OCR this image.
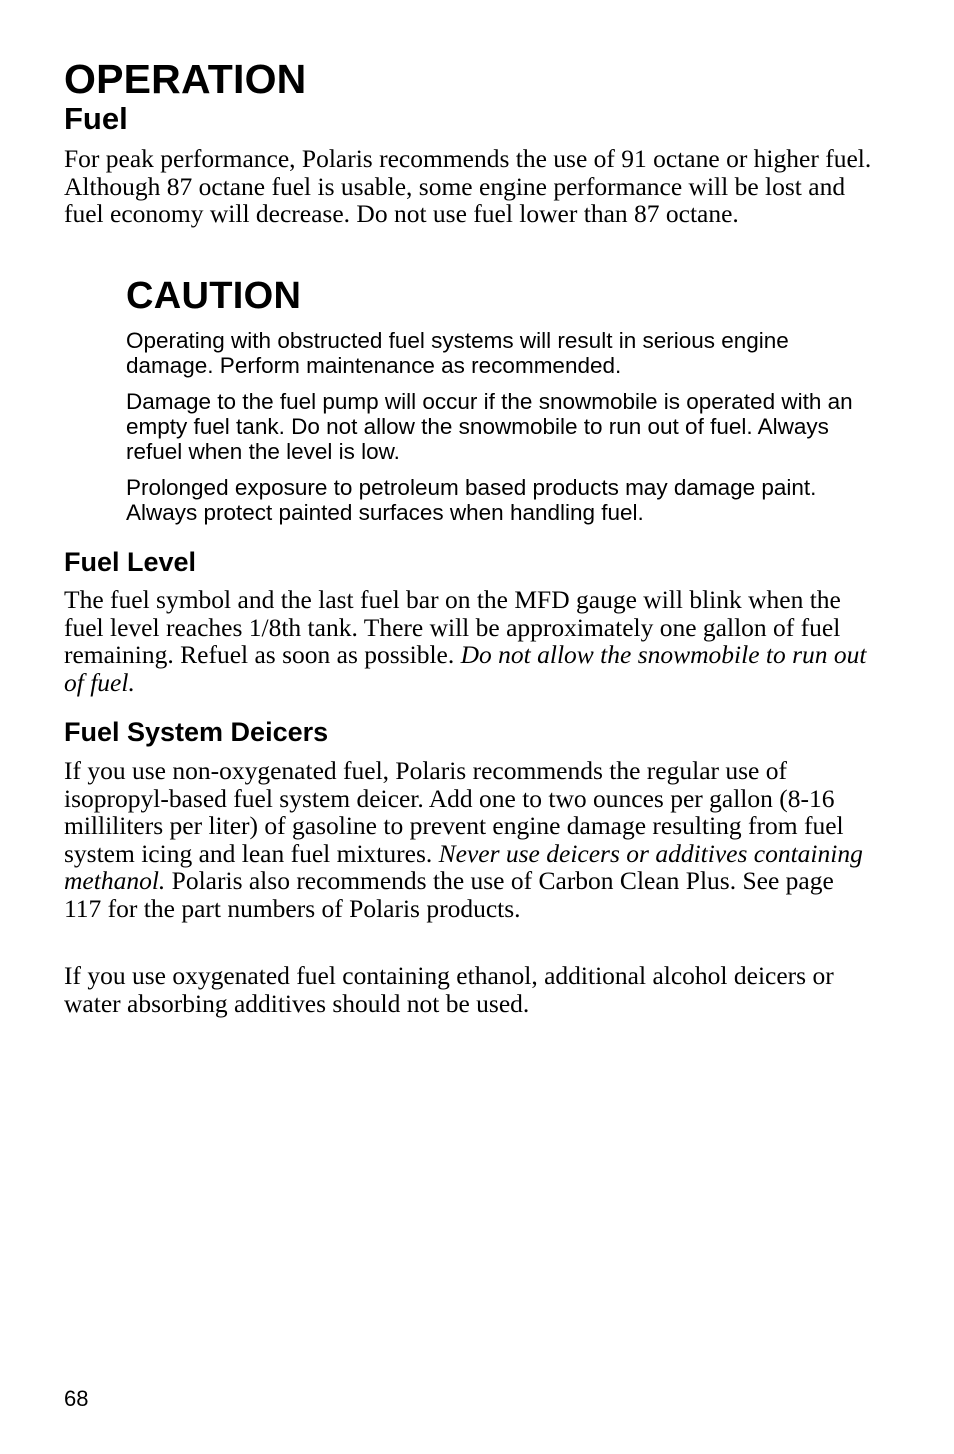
OPERATION
Fuel

For peak performance, Polaris recommends the use of 91 octane or higher fuel. Although 87 octane fuel is usable, some engine performance will be lost and fuel economy will decrease. Do not use fuel lower than 87 octane.

CAUTION

Operating with obstructed fuel systems will result in serious engine damage. Perform maintenance as recommended.

Damage to the fuel pump will occur if the snowmobile is operated with an empty fuel tank. Do not allow the snowmobile to run out of fuel. Always refuel when the level is low.

Prolonged exposure to petroleum based products may damage paint. Always protect painted surfaces when handling fuel.

Fuel Level

The fuel symbol and the last fuel bar on the MFD gauge will blink when the fuel level reaches 1/8th tank. There will be approximately one gallon of fuel remaining. Refuel as soon as possible. Do not allow the snowmobile to run out of fuel.

Fuel System Deicers

If you use non-oxygenated fuel, Polaris recommends the regular use of isopropyl-based fuel system deicer. Add one to two ounces per gallon (8-16 milliliters per liter) of gasoline to prevent engine damage resulting from fuel system icing and lean fuel mixtures. Never use deicers or additives containing methanol. Polaris also recommends the use of Carbon Clean Plus. See page 117 for the part numbers of Polaris products.

If you use oxygenated fuel containing ethanol, additional alcohol deicers or water absorbing additives should not be used.

68
